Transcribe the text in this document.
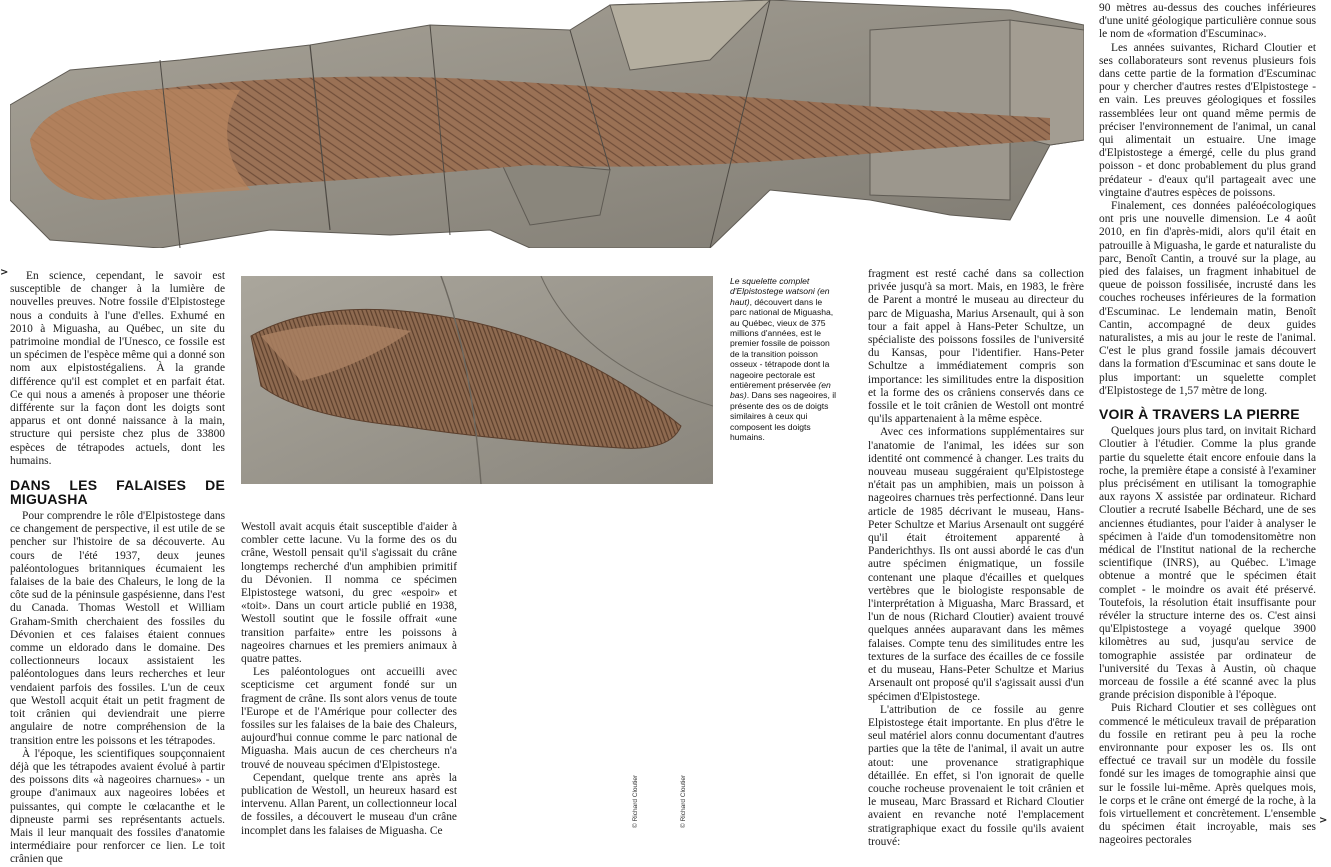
Le squelette complet d'Elpistostege watsoni (en haut), découvert dans le parc national de Miguasha, au Québec, vieux de 375 millions d'années, est le premier fossile de poisson de la transition poisson osseux - tétrapode dont la nageoire pectorale est entièrement préservée (en bas). Dans ses nageoires, il présente des os de doigts similaires à ceux qui composent les doigts humains.
© Richard Cloutier	© Richard Cloutier
>
>

En science, cependant, le savoir est susceptible de changer à la lumière de nouvelles preuves. Notre fossile d'Elpistostege nous a conduits à l'une d'elles. Exhumé en 2010 à Miguasha, au Québec, un site du patrimoine mondial de l'Unesco, ce fossile est un spécimen de l'espèce même qui a donné son nom aux elpistostégaliens. À la grande différence qu'il est complet et en parfait état. Ce qui nous a amenés à proposer une théorie différente sur la façon dont les doigts sont apparus et ont donné naissance à la main, structure qui persiste chez plus de 33800 espèces de tétrapodes actuels, dont les humains.

DANS LES FALAISES DE MIGUASHA

Pour comprendre le rôle d'Elpistostege dans ce changement de perspective, il est utile de se pencher sur l'histoire de sa découverte. Au cours de l'été 1937, deux jeunes paléontologues britanniques écumaient les falaises de la baie des Chaleurs, le long de la côte sud de la péninsule gaspésienne, dans l'est du Canada. Thomas Westoll et William Graham-Smith cherchaient des fossiles du Dévonien et ces falaises étaient connues comme un eldorado dans le domaine. Des collectionneurs locaux assistaient les paléontologues dans leurs recherches et leur vendaient parfois des fossiles. L'un de ceux que Westoll acquit était un petit fragment de toit crânien qui deviendrait une pierre angulaire de notre compréhension de la transition entre les poissons et les tétrapodes.

À l'époque, les scientifiques soupçonnaient déjà que les tétrapodes avaient évolué à partir des poissons dits «à nageoires charnues» - un groupe d'animaux aux nageoires lobées et puissantes, qui compte le cœlacanthe et le dipneuste parmi ses représentants actuels. Mais il leur manquait des fossiles d'anatomie intermédiaire pour renforcer ce lien. Le toit crânien que

Westoll avait acquis était susceptible d'aider à combler cette lacune. Vu la forme des os du crâne, Westoll pensait qu'il s'agissait du crâne longtemps recherché d'un amphibien primitif du Dévonien. Il nomma ce spécimen Elpistostege watsoni, du grec «espoir» et «toit». Dans un court article publié en 1938, Westoll soutint que le fossile offrait «une transition parfaite» entre les poissons à nageoires charnues et les premiers animaux à quatre pattes.

Les paléontologues ont accueilli avec scepticisme cet argument fondé sur un fragment de crâne. Ils sont alors venus de toute l'Europe et de l'Amérique pour collecter des fossiles sur les falaises de la baie des Chaleurs, aujourd'hui connue comme le parc national de Miguasha. Mais aucun de ces chercheurs n'a trouvé de nouveau spécimen d'Elpistostege.

Cependant, quelque trente ans après la publication de Westoll, un heureux hasard est intervenu. Allan Parent, un collectionneur local de fossiles, a découvert le museau d'un crâne incomplet dans les falaises de Miguasha. Ce

fragment est resté caché dans sa collection privée jusqu'à sa mort. Mais, en 1983, le frère de Parent a montré le museau au directeur du parc de Miguasha, Marius Arsenault, qui à son tour a fait appel à Hans-Peter Schultze, un spécialiste des poissons fossiles de l'université du Kansas, pour l'identifier. Hans-Peter Schultze a immédiatement compris son importance: les similitudes entre la disposition et la forme des os crâniens conservés dans ce fossile et le toit crânien de Westoll ont montré qu'ils appartenaient à la même espèce.

Avec ces informations supplémentaires sur l'anatomie de l'animal, les idées sur son identité ont commencé à changer. Les traits du nouveau museau suggéraient qu'Elpistostege n'était pas un amphibien, mais un poisson à nageoires charnues très perfectionné. Dans leur article de 1985 décrivant le museau, Hans-Peter Schultze et Marius Arsenault ont suggéré qu'il était étroitement apparenté à Panderichthys. Ils ont aussi abordé le cas d'un autre spécimen énigmatique, un fossile contenant une plaque d'écailles et quelques vertèbres que le biologiste responsable de l'interprétation à Miguasha, Marc Brassard, et l'un de nous (Richard Cloutier) avaient trouvé quelques années auparavant dans les mêmes falaises. Compte tenu des similitudes entre les textures de la surface des écailles de ce fossile et du museau, Hans-Peter Schultze et Marius Arsenault ont proposé qu'il s'agissait aussi d'un spécimen d'Elpistostege.

L'attribution de ce fossile au genre Elpistostege était importante. En plus d'être le seul matériel alors connu documentant d'autres parties que la tête de l'animal, il avait un autre atout: une provenance stratigraphique détaillée. En effet, si l'on ignorait de quelle couche rocheuse provenaient le toit crânien et le museau, Marc Brassard et Richard Cloutier avaient en revanche noté l'emplacement stratigraphique exact du fossile qu'ils avaient trouvé:

90 mètres au-dessus des couches inférieures d'une unité géologique particulière connue sous le nom de «formation d'Escuminac».

Les années suivantes, Richard Cloutier et ses collaborateurs sont revenus plusieurs fois dans cette partie de la formation d'Escuminac pour y chercher d'autres restes d'Elpistostege - en vain. Les preuves géologiques et fossiles rassemblées leur ont quand même permis de préciser l'environnement de l'animal, un canal qui alimentait un estuaire. Une image d'Elpistostege a émergé, celle du plus grand poisson - et donc probablement du plus grand prédateur - d'eaux qu'il partageait avec une vingtaine d'autres espèces de poissons.

Finalement, ces données paléoécologiques ont pris une nouvelle dimension. Le 4 août 2010, en fin d'après-midi, alors qu'il était en patrouille à Miguasha, le garde et naturaliste du parc, Benoît Cantin, a trouvé sur la plage, au pied des falaises, un fragment inhabituel de queue de poisson fossilisée, incrusté dans les couches rocheuses inférieures de la formation d'Escuminac. Le lendemain matin, Benoît Cantin, accompagné de deux guides naturalistes, a mis au jour le reste de l'animal. C'est le plus grand fossile jamais découvert dans la formation d'Escuminac et sans doute le plus important: un squelette complet d'Elpistostege de 1,57 mètre de long.

VOIR À TRAVERS LA PIERRE

Quelques jours plus tard, on invitait Richard Cloutier à l'étudier. Comme la plus grande partie du squelette était encore enfouie dans la roche, la première étape a consisté à l'examiner plus précisément en utilisant la tomographie aux rayons X assistée par ordinateur. Richard Cloutier a recruté Isabelle Béchard, une de ses anciennes étudiantes, pour l'aider à analyser le spécimen à l'aide d'un tomodensitomètre non médical de l'Institut national de la recherche scientifique (INRS), au Québec. L'image obtenue a montré que le spécimen était complet - le moindre os avait été préservé. Toutefois, la résolution était insuffisante pour révéler la structure interne des os. C'est ainsi qu'Elpistostege a voyagé quelque 3900 kilomètres au sud, jusqu'au service de tomographie assistée par ordinateur de l'université du Texas à Austin, où chaque morceau de fossile a été scanné avec la plus grande précision disponible à l'époque.

Puis Richard Cloutier et ses collègues ont commencé le méticuleux travail de préparation du fossile en retirant peu à peu la roche environnante pour exposer les os. Ils ont effectué ce travail sur un modèle du fossile fondé sur les images de tomographie ainsi que sur le fossile lui-même. Après quelques mois, le corps et le crâne ont émergé de la roche, à la fois virtuellement et concrètement. L'ensemble du spécimen était incroyable, mais ses nageoires pectorales
